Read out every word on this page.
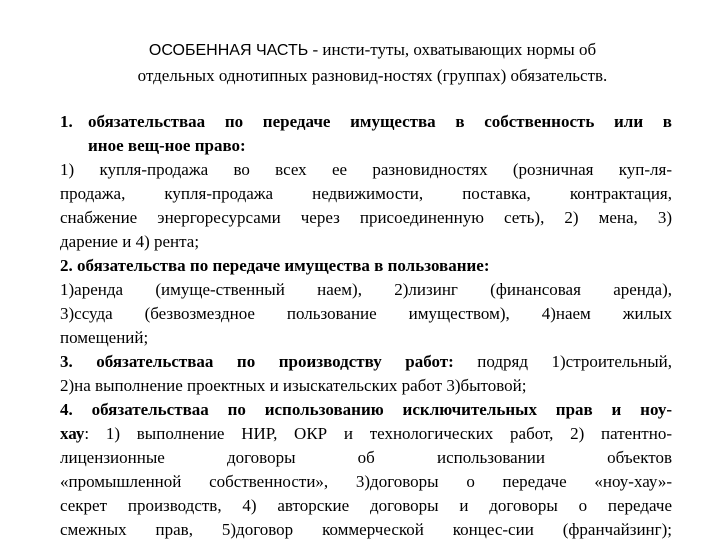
ОСОБЕННАЯ ЧАСТЬ - инсти-туты, охватывающих нормы об
отдельных однотипных разновид-ностях (группах) обязательств.
1. обязательстваа по передаче имущества в собственность или в
иное вещ-ное право:
1) купля-продажа во всех ее разновидностях (розничная куп-ля-
продажа, купля-продажа недвижимости, поставка, контрактация,
снабжение энергоресурсами через присоединенную сеть), 2) мена, 3)
дарение и 4) рента;
2. обязательства по передаче имущества в пользование:
1)аренда (имуще-ственный наем), 2)лизинг (финансовая аренда),
3)ссуда (безвозмездное пользование имуществом), 4)наем жилых
помещений;
3. обязательстваа по производству работ: подряд 1)строительный,
2)на выполнение проектных и изыскательских работ 3)бытовой;
4. обязательстваа по использованию исключительных прав и ноу-
хау: 1) выполнение НИР, ОКР и технологических работ, 2) патентно-
лицензионные договоры об использовании объектов
«промышленной собственности», 3)договоры о передаче «ноу-хау»-
секрет производств, 4) авторские договоры и договоры о передаче
смежных прав, 5)договор коммерческой концес-сии (франчайзинг);
